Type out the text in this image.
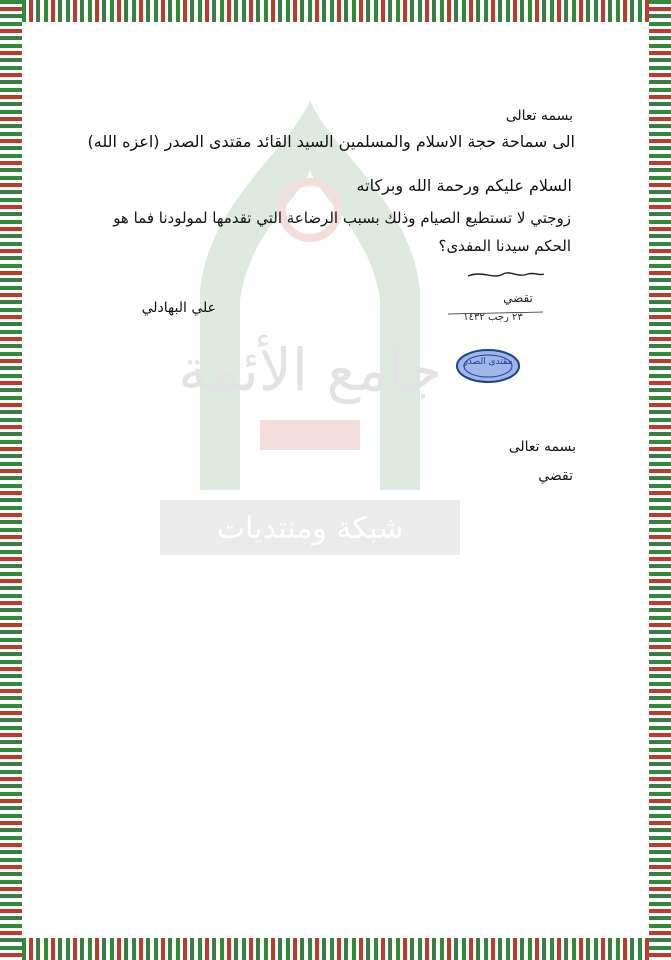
جامع الأئمة
شبكة ومنتديات
بسمه تعالى
الى سماحة حجة الاسلام والمسلمين السيد القائد مقتدى الصدر (اعزه الله)
السلام عليكم ورحمة الله وبركاته
زوجتي لا تستطيع الصيام وذلك بسبب الرضاعة التي تقدمها لمولودنا فما هو
الحكم سيدنا المفدى؟
علي البهادلي
تقضي
٢٣ رجب ١٤٣٢
مقتدى الصدر
بسمه تعالى
تقضي
